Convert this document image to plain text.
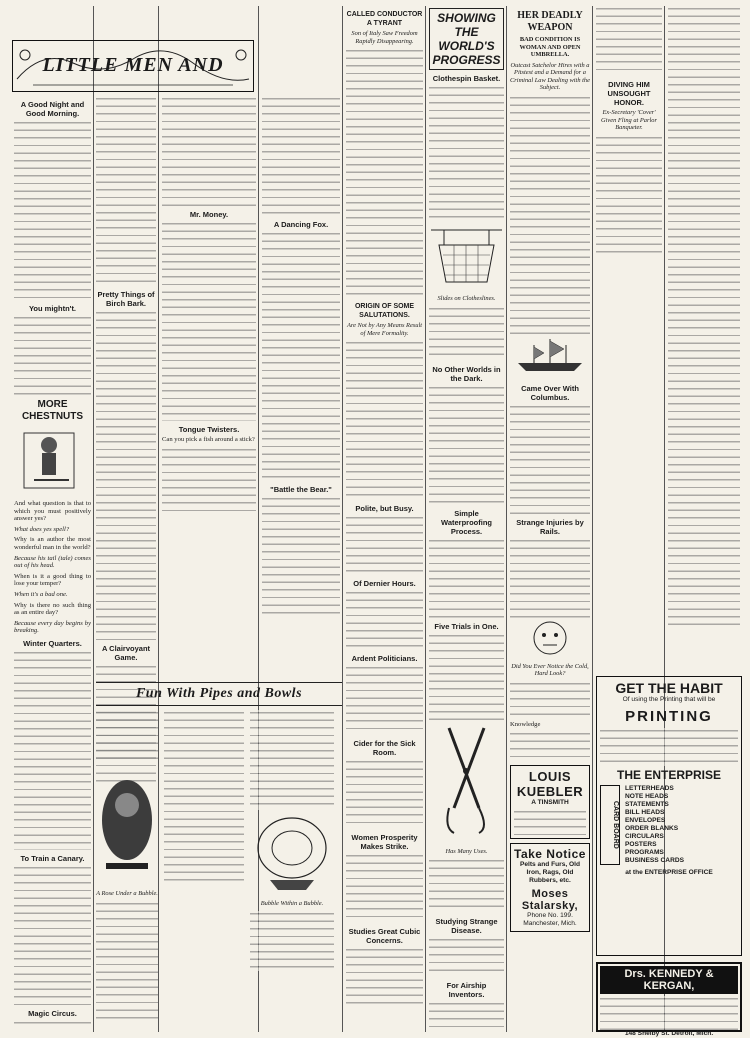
LITTLE MEN AND
A Good Night and Good Morning.
You mightn't.
MORE CHESTNUTS

And what question is that to which you must positively answer yes?

What does yes spell?

Why is an author the most wonderful man in the world?

Because his tail (tale) comes out of his head.

When is it a good thing to lose your temper?

When it's a bad one.

Why is there no such thing as an entire day?

Because every day begins by breaking.

Winter Quarters.
To Train a Canary.
Magic Circus.
Pretty Things of Birch Bark.
A Clairvoyant Game.
Mr. Money.
Tongue Twisters.

Can you pick a fish around a stick?

Fun With Pipes and Bowls
A Rose Under a Bubble.
Bubble Within a Bubble.
A Dancing Fox.
"Battle the Bear."
CALLED CONDUCTOR A TYRANT
Son of Italy Saw Freedom Rapidly Disappearing.
ORIGIN OF SOME SALUTATIONS.
Are Not by Any Means Result of Mere Formality.
Polite, but Busy.
Of Dernier Hours.
Ardent Politicians.
Cider for the Sick Room.
Women Prosperity Makes Strike.
Studies Great Cubic Concerns.
SHOWING THE WORLD'S PROGRESS
Clothespin Basket.
Slides on Clotheslines.
No Other Worlds in the Dark.
Simple Waterproofing Process.
Five Trials in One.
Has Many Uses.
Studying Strange Disease.
For Airship Inventors.
HER DEADLY WEAPON
BAD CONDITION IS WOMAN AND OPEN UMBRELLA.
Outcast Satchelor Hires with a Pitstest and a Demand for a Criminal Law Dealing with the Subject.
Came Over With Columbus.
Strange Injuries by Rails.
Did You Ever Notice the Cold, Hard Look?

Knowledge

LOUIS KUEBLER
A TINSMITH
Take Notice
Pelts and Furs, Old Iron, Rags, Old Rubbers, etc.
Moses Stalarsky,
Phone No. 199. Manchester, Mich.
DIVING HIM UNSOUGHT HONOR.
Ex-Secretary 'Cover' Given Fling at Parlor Banqueter.
GET THE HABIT
Of using the Printing that will be
PRINTING
THE ENTERPRISE
CARD BOARD
LETTERHEADS
NOTE HEADS
STATEMENTS
BILL HEADS
ENVELOPES
ORDER BLANKS
CIRCULARS
POSTERS
PROGRAMS
BUSINESS CARDS
at the ENTERPRISE OFFICE
Drs. KENNEDY & KERGAN,
148 Shelby St. Detroit, Mich.
